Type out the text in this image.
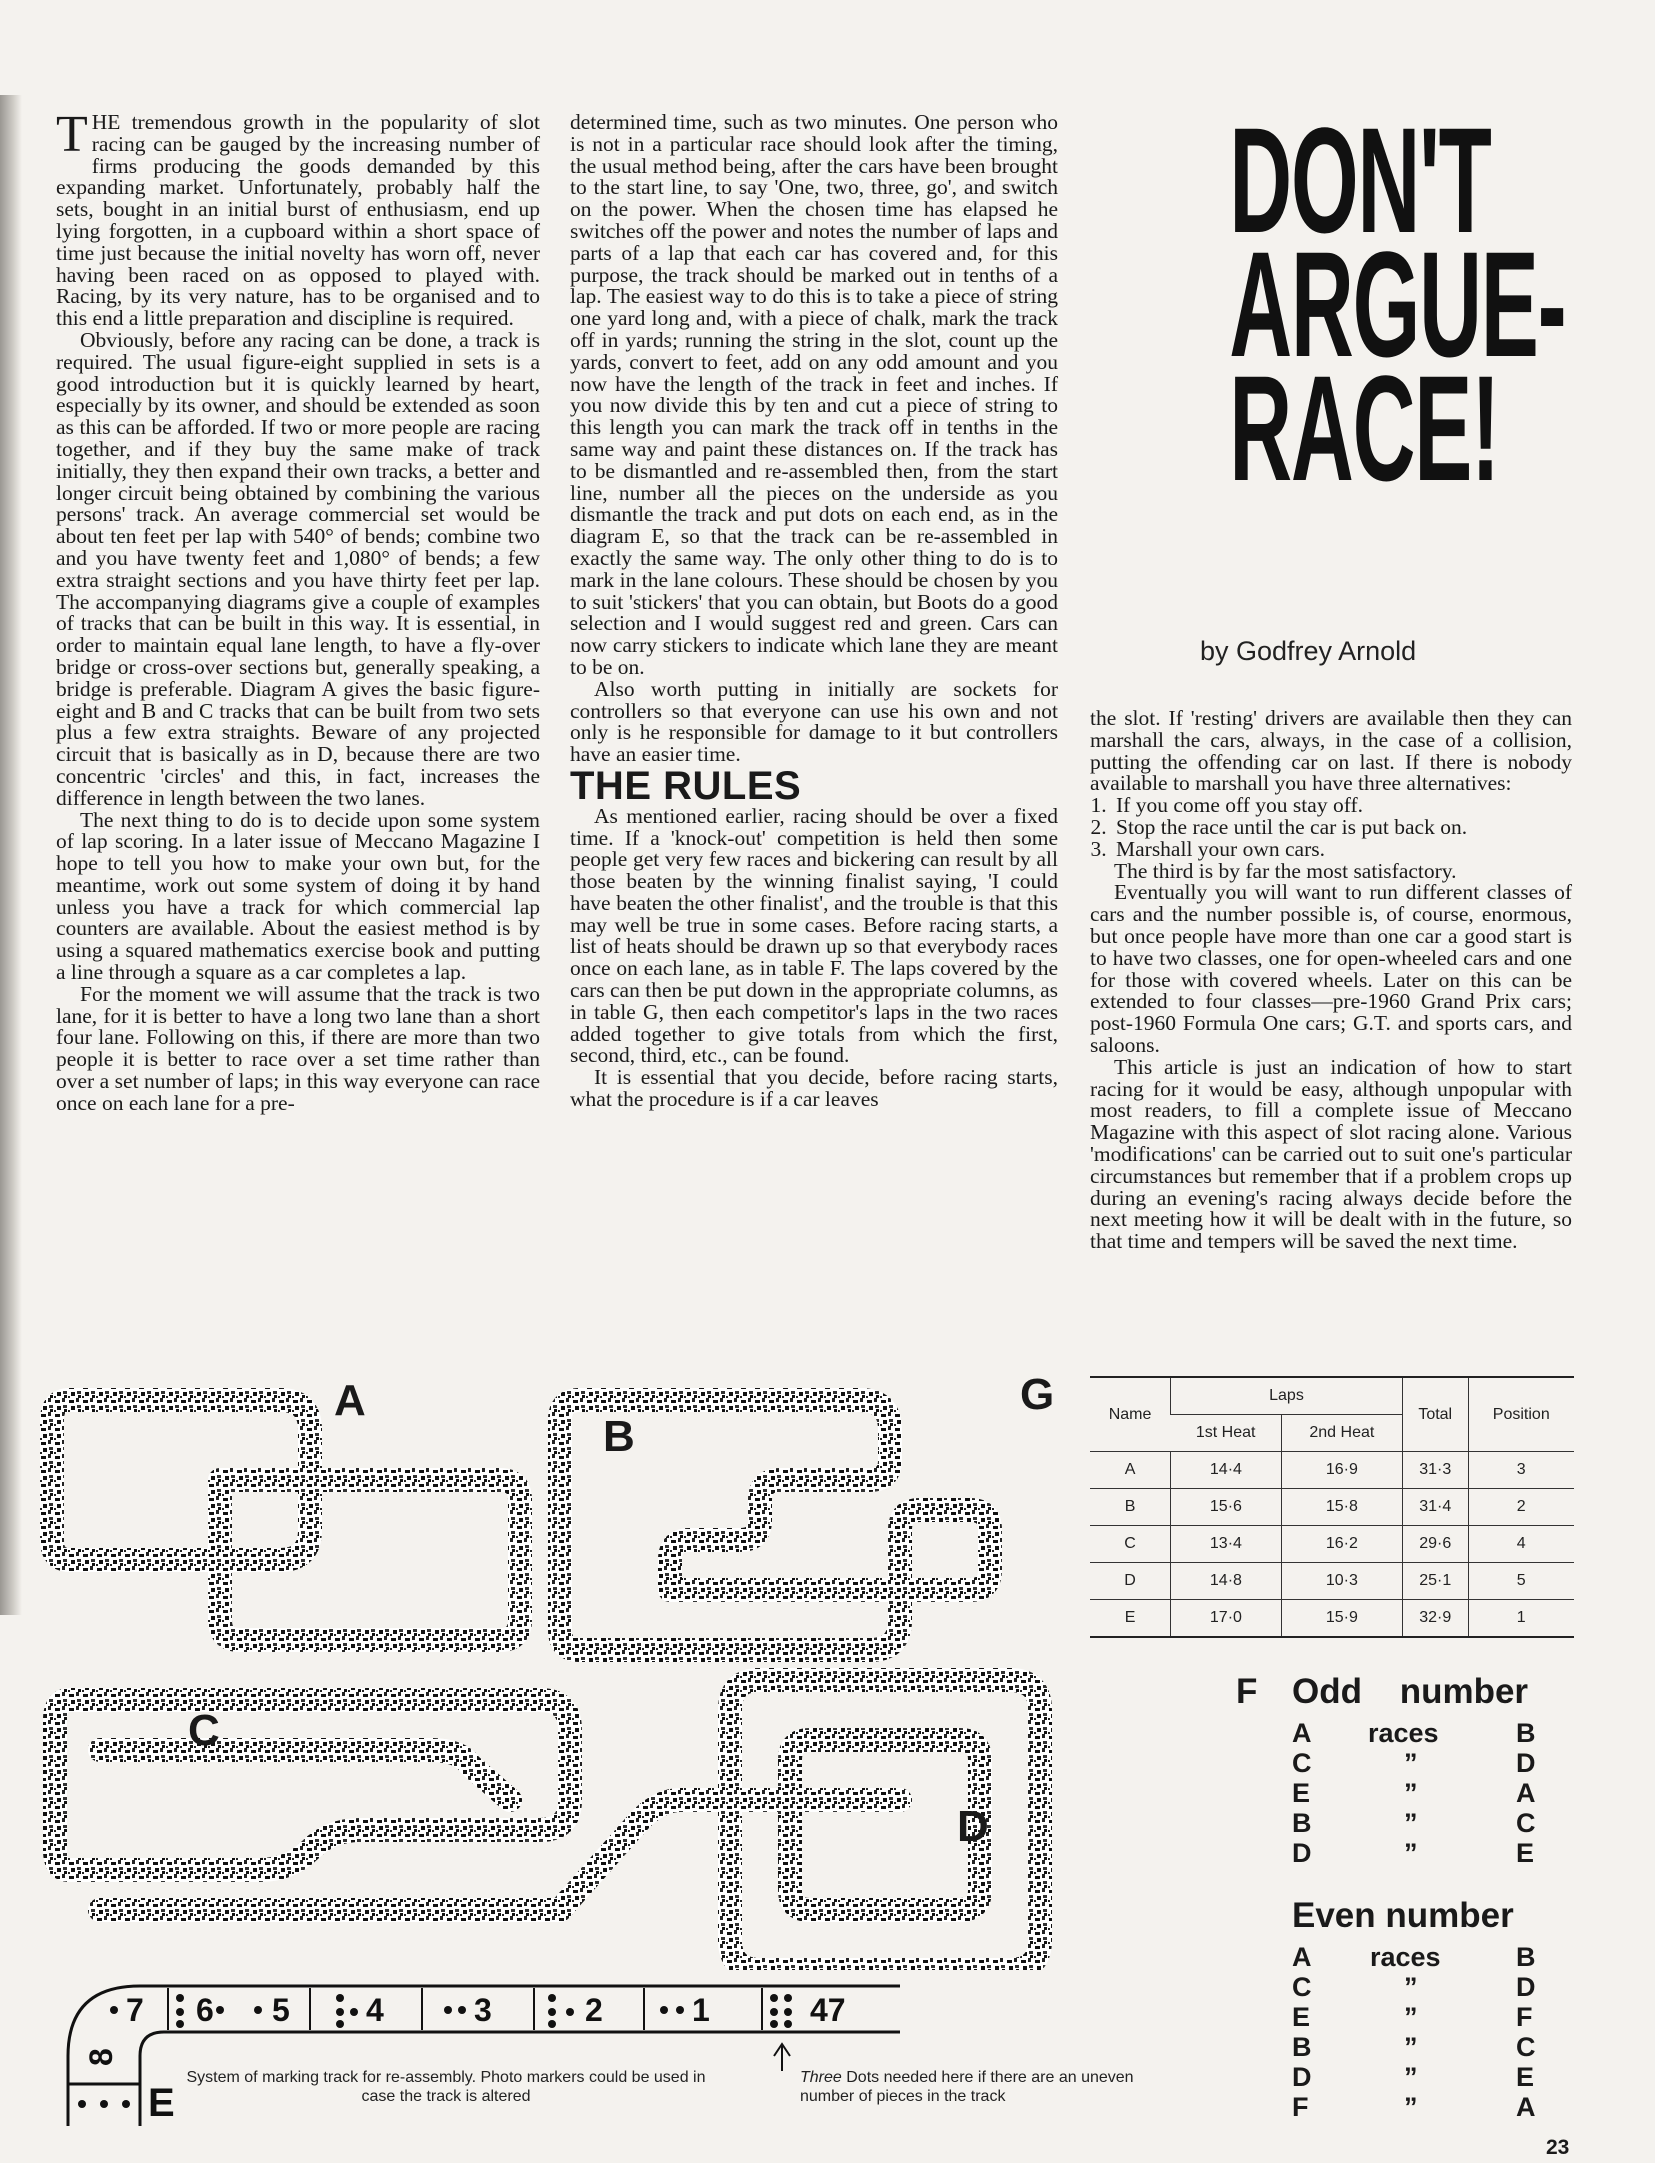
THE tremendous growth in the popularity of slot racing can be gauged by the increasing number of firms producing the goods demanded by this expanding market. Unfortunately, probably half the sets, bought in an initial burst of enthusiasm, end up lying forgotten, in a cupboard within a short space of time just because the initial novelty has worn off, never having been raced on as opposed to played with. Racing, by its very nature, has to be organised and to this end a little preparation and discipline is required.

Obviously, before any racing can be done, a track is required. The usual figure-eight supplied in sets is a good introduction but it is quickly learned by heart, especially by its owner, and should be extended as soon as this can be afforded. If two or more people are racing together, and if they buy the same make of track initially, they then expand their own tracks, a better and longer circuit being obtained by combining the various persons' track. An average commercial set would be about ten feet per lap with 540° of bends; combine two and you have twenty feet and 1,080° of bends; a few extra straight sections and you have thirty feet per lap. The accompanying diagrams give a couple of examples of tracks that can be built in this way. It is essential, in order to maintain equal lane length, to have a fly-over bridge or cross-over sections but, generally speaking, a bridge is preferable. Diagram A gives the basic figure-eight and B and C tracks that can be built from two sets plus a few extra straights. Beware of any projected circuit that is basically as in D, because there are two concentric 'circles' and this, in fact, increases the difference in length between the two lanes.

The next thing to do is to decide upon some system of lap scoring. In a later issue of Meccano Magazine I hope to tell you how to make your own but, for the meantime, work out some system of doing it by hand unless you have a track for which commercial lap counters are available. About the easiest method is by using a squared mathematics exercise book and putting a line through a square as a car completes a lap.

For the moment we will assume that the track is two lane, for it is better to have a long two lane than a short four lane. Following on this, if there are more than two people it is better to race over a set time rather than over a set number of laps; in this way everyone can race once on each lane for a pre-

determined time, such as two minutes. One person who is not in a particular race should look after the timing, the usual method being, after the cars have been brought to the start line, to say 'One, two, three, go', and switch on the power. When the chosen time has elapsed he switches off the power and notes the number of laps and parts of a lap that each car has covered and, for this purpose, the track should be marked out in tenths of a lap. The easiest way to do this is to take a piece of string one yard long and, with a piece of chalk, mark the track off in yards; running the string in the slot, count up the yards, convert to feet, add on any odd amount and you now have the length of the track in feet and inches. If you now divide this by ten and cut a piece of string to this length you can mark the track off in tenths in the same way and paint these distances on. If the track has to be dismantled and re-assembled then, from the start line, number all the pieces on the underside as you dismantle the track and put dots on each end, as in the diagram E, so that the track can be re-assembled in exactly the same way. The only other thing to do is to mark in the lane colours. These should be chosen by you to suit 'stickers' that you can obtain, but Boots do a good selection and I would suggest red and green. Cars can now carry stickers to indicate which lane they are meant to be on.

Also worth putting in initially are sockets for controllers so that everyone can use his own and not only is he responsible for damage to it but controllers have an easier time.

THE RULES

As mentioned earlier, racing should be over a fixed time. If a 'knock-out' competition is held then some people get very few races and bickering can result by all those beaten by the winning finalist saying, 'I could have beaten the other finalist', and the trouble is that this may well be true in some cases. Before racing starts, a list of heats should be drawn up so that everybody races once on each lane, as in table F. The laps covered by the cars can then be put down in the appropriate columns, as in table G, then each competitor's laps in the two races added together to give totals from which the first, second, third, etc., can be found.

It is essential that you decide, before racing starts, what the procedure is if a car leaves

DON'T
ARGUE-
RACE!
by Godfrey Arnold

the slot. If 'resting' drivers are available then they can marshall the cars, always, in the case of a collision, putting the offending car on last. If there is nobody available to marshall you have three alternatives:

1. If you come off you stay off.
2. Stop the race until the car is put back on.
3. Marshall your own cars.

The third is by far the most satisfactory.

Eventually you will want to run different classes of cars and the number possible is, of course, enormous, but once people have more than one car a good start is to have two classes, one for open-wheeled cars and one for those with covered wheels. Later on this can be extended to four classes—pre-1960 Grand Prix cars; post-1960 Formula One cars; G.T. and sports cars, and saloons.

This article is just an indication of how to start racing for it would be easy, although unpopular with most readers, to fill a complete issue of Meccano Magazine with this aspect of slot racing alone. Various 'modifications' can be carried out to suit one's particular circumstances but remember that if a problem crops up during an evening's racing always decide before the next meeting how it will be dealt with in the future, so that time and tempers will be saved the next time.

A
B
G
C
D
Name	Laps		Total	Position
	1st Heat	2nd Heat		
A	14·4	16·9	31·3	3
B	15·6	15·8	31·4	2
C	13·4	16·2	29·6	4
D	14·8	10·3	25·1	5
E	17·0	15·9	32·9	1
F Odd number
A races	B
C	”	D
E	”	A
B	”	C
D	”	E
Even number
A races	B
C	”	D
E	”	F
B	”	C
D	”	E
F	”	A
7 6 5 4	3	2	1	47
8
E
System of marking track for re-assembly. Photo markers could be used in case the track is altered
Three Dots needed here if there are an uneven number of pieces in the track
23
